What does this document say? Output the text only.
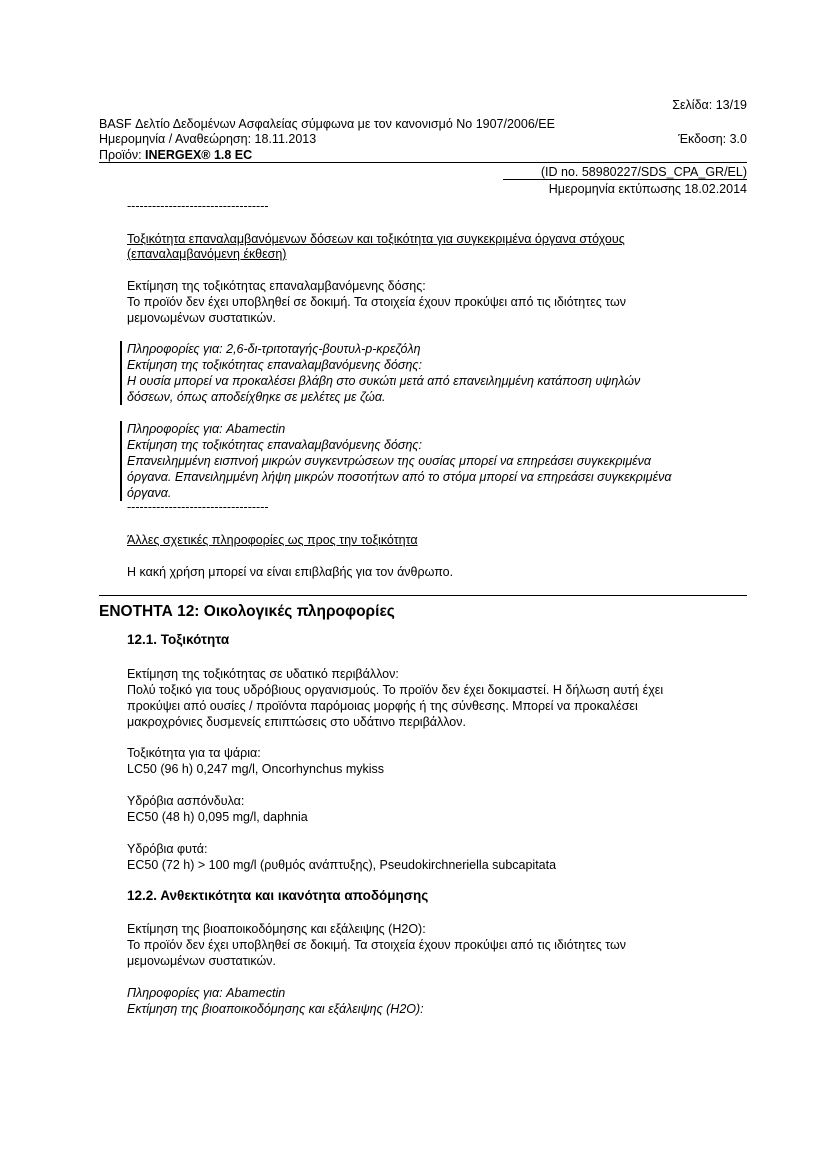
Σελίδα: 13/19
BASF Δελτίο Δεδομένων Ασφαλείας σύμφωνα με τον κανονισμό Νο 1907/2006/ΕΕ
Ημερομηνία / Αναθεώρηση: 18.11.2013	Έκδοση: 3.0
Προϊόν: INERGEX® 1.8 EC
(ID no. 58980227/SDS_CPA_GR/EL)
Ημερομηνία εκτύπωσης 18.02.2014
----------------------------------
Τοξικότητα επαναλαμβανόμενων δόσεων και τοξικότητα για συγκεκριμένα όργανα στόχους
(επαναλαμβανόμενη έκθεση)
Εκτίμηση της τοξικότητας επαναλαμβανόμενης δόσης:
Το προϊόν δεν έχει υποβληθεί σε δοκιμή. Τα στοιχεία έχουν προκύψει από τις ιδιότητες των
μεμονωμένων συστατικών.
Πληροφορίες για: 2,6-δι-τριτοταγής-βουτυλ-p-κρεζόλη
Εκτίμηση της τοξικότητας επαναλαμβανόμενης δόσης:
Η ουσία μπορεί να προκαλέσει βλάβη στο συκώτι μετά από επανειλημμένη κατάποση υψηλών
δόσεων, όπως αποδείχθηκε σε μελέτες με ζώα.
Πληροφορίες για: Abamectin
Εκτίμηση της τοξικότητας επαναλαμβανόμενης δόσης:
Επανειλημμένη εισπνοή μικρών συγκεντρώσεων της ουσίας μπορεί να επηρεάσει συγκεκριμένα
όργανα. Επανειλημμένη λήψη μικρών ποσοτήτων από το στόμα μπορεί να επηρεάσει συγκεκριμένα
όργανα.
----------------------------------
Άλλες σχετικές πληροφορίες ως προς την τοξικότητα
Η κακή χρήση μπορεί να είναι επιβλαβής για τον άνθρωπο.
ΕΝΟΤΗΤΑ 12: Οικολογικές πληροφορίες
12.1. Τοξικότητα
Εκτίμηση της τοξικότητας σε υδατικό περιβάλλον:
Πολύ τοξικό για τους υδρόβιους οργανισμούς. Το προϊόν δεν έχει δοκιμαστεί. Η δήλωση αυτή έχει
προκύψει από ουσίες / προϊόντα παρόμοιας μορφής ή της σύνθεσης. Μπορεί να προκαλέσει
μακροχρόνιες δυσμενείς επιπτώσεις στο υδάτινο περιβάλλον.
Τοξικότητα για τα ψάρια:
LC50 (96 h) 0,247 mg/l, Oncorhynchus mykiss
Υδρόβια ασπόνδυλα:
EC50 (48 h) 0,095 mg/l, daphnia
Υδρόβια φυτά:
EC50 (72 h) > 100 mg/l (ρυθμός ανάπτυξης), Pseudokirchneriella subcapitata
12.2. Ανθεκτικότητα και ικανότητα αποδόμησης
Εκτίμηση της βιοαποικοδόμησης και εξάλειψης (H2O):
Το προϊόν δεν έχει υποβληθεί σε δοκιμή. Τα στοιχεία έχουν προκύψει από τις ιδιότητες των
μεμονωμένων συστατικών.
Πληροφορίες για: Abamectin
Εκτίμηση της βιοαποικοδόμησης και εξάλειψης (H2O):
